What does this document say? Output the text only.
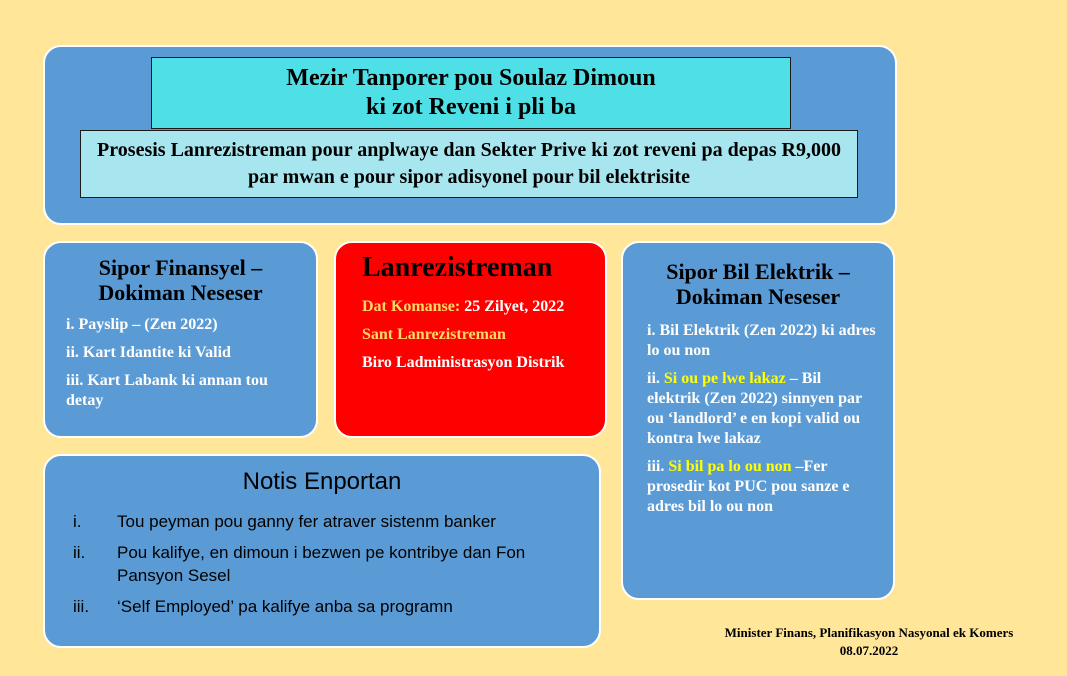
Mezir Tanporer pou Soulaz Dimoun
ki zot Reveni i pli ba
Prosesis Lanrezistreman pour anplwaye dan Sekter Prive ki zot reveni pa depas R9,000 par mwan e pour sipor adisyonel pour bil elektrisite
Sipor Finansyel –
Dokiman Neseser
i. Payslip – (Zen 2022)
ii. Kart Idantite ki Valid
iii. Kart Labank ki annan tou detay
Lanrezistreman
Dat Komanse: 25 Zilyet, 2022
Sant Lanrezistreman
Biro Ladministrasyon Distrik
Sipor Bil Elektrik –
Dokiman Neseser
i. Bil Elektrik (Zen 2022) ki adres lo ou non
ii. Si ou pe lwe lakaz – Bil elektrik (Zen 2022) sinnyen par ou ‘landlord’ e en kopi valid ou kontra lwe lakaz
iii. Si bil pa lo ou non –Fer prosedir kot PUC pou sanze e adres bil lo ou non
Notis Enportan
i.	Tou peyman pou ganny fer atraver sistenm banker
ii.	Pou kalifye, en dimoun i bezwen pe kontribye dan Fon Pansyon Sesel
iii.	‘Self Employed’ pa kalifye anba sa programn
Minister Finans, Planifikasyon Nasyonal ek Komers
08.07.2022
